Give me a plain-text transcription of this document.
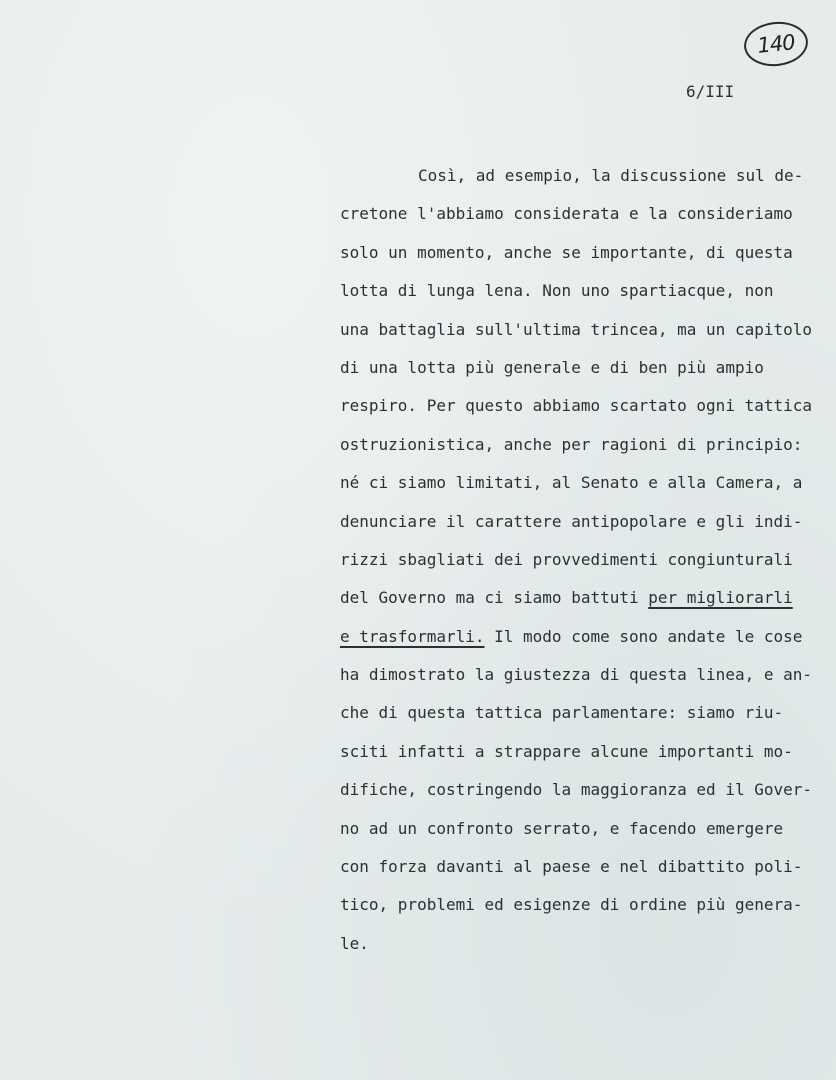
140
6/III
Così, ad esempio, la discussione sul de-
cretone l'abbiamo considerata e la consideriamo
solo un momento, anche se importante, di questa
lotta di lunga lena. Non uno spartiacque, non
una battaglia sull'ultima trincea, ma un capitolo
di una lotta più generale e di ben più ampio
respiro. Per questo abbiamo scartato ogni tattica
ostruzionistica, anche per ragioni di principio:
né ci siamo limitati, al Senato e alla Camera, a
denunciare il carattere antipopolare e gli indi-
rizzi sbagliati dei provvedimenti congiunturali
del Governo ma ci siamo battuti per migliorarli
e trasformarli. Il modo come sono andate le cose
ha dimostrato la giustezza di questa linea, e an-
che di questa tattica parlamentare: siamo riu-
sciti infatti a strappare alcune importanti mo-
difiche, costringendo la maggioranza ed il Gover-
no ad un confronto serrato, e facendo emergere
con forza davanti al paese e nel dibattito poli-
tico, problemi ed esigenze di ordine più genera-
le.
